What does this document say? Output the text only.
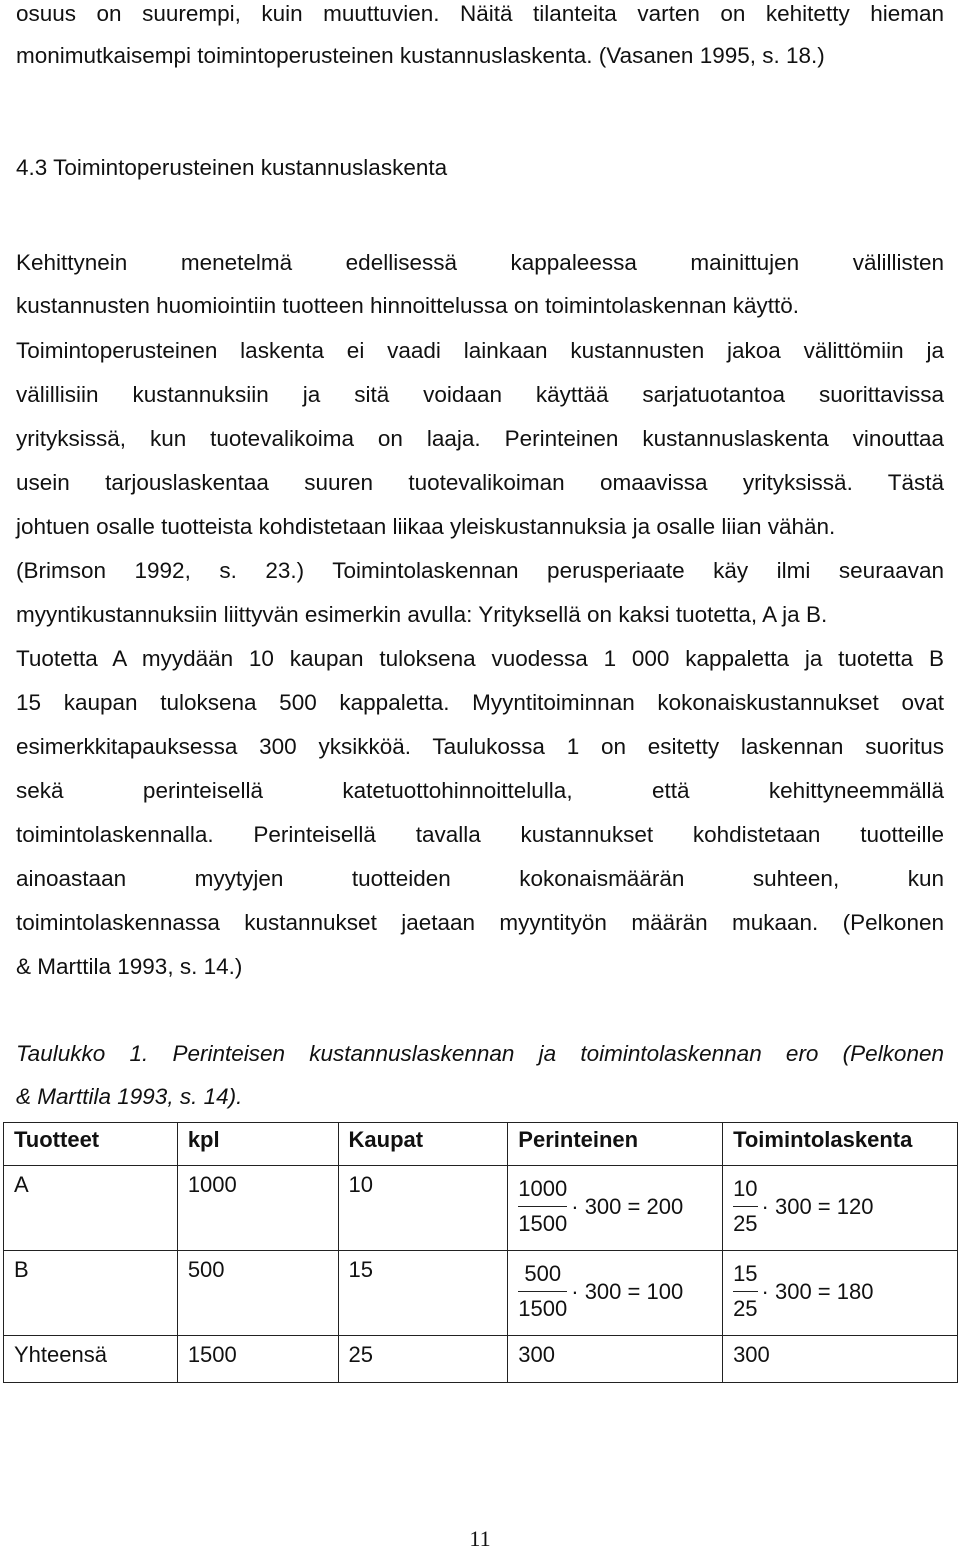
osuus on suurempi, kuin muuttuvien. Näitä tilanteita varten on kehitetty hieman
monimutkaisempi toimintoperusteinen kustannuslaskenta. (Vasanen 1995, s. 18.)
4.3 Toimintoperusteinen kustannuslaskenta
Kehittynein menetelmä edellisessä kappaleessa mainittujen välillisten
kustannusten huomiointiin tuotteen hinnoittelussa on toimintolaskennan käyttö.
Toimintoperusteinen laskenta ei vaadi lainkaan kustannusten jakoa välittömiin ja
välillisiin kustannuksiin ja sitä voidaan käyttää sarjatuotantoa suorittavissa
yrityksissä, kun tuotevalikoima on laaja. Perinteinen kustannuslaskenta vinouttaa
usein tarjouslaskentaa suuren tuotevalikoiman omaavissa yrityksissä. Tästä
johtuen osalle tuotteista kohdistetaan liikaa yleiskustannuksia ja osalle liian vähän.
(Brimson 1992, s. 23.) Toimintolaskennan perusperiaate käy ilmi seuraavan
myyntikustannuksiin liittyvän esimerkin avulla: Yrityksellä on kaksi tuotetta, A ja B.
Tuotetta A myydään 10 kaupan tuloksena vuodessa 1 000 kappaletta ja tuotetta B
15 kaupan tuloksena 500 kappaletta. Myyntitoiminnan kokonaiskustannukset ovat
esimerkkitapauksessa 300 yksikköä. Taulukossa 1 on esitetty laskennan suoritus
sekä perinteisellä katetuottohinnoittelulla, että kehittyneemmällä
toimintolaskennalla. Perinteisellä tavalla kustannukset kohdistetaan tuotteille
ainoastaan myytyjen tuotteiden kokonaismäärän suhteen, kun
toimintolaskennassa kustannukset jaetaan myyntityön määrän mukaan. (Pelkonen
& Marttila 1993, s. 14.)
Taulukko 1. Perinteisen kustannuslaskennan ja toimintolaskennan ero (Pelkonen
& Marttila 1993, s. 14).
Tuotteet	kpl	Kaupat	Perinteinen	Toimintolaskenta
A	1000	10	$\frac{1000}{1500} \cdot 300 = 200$	$\frac{10}{25} \cdot 300 = 120$
B	500	15	$\frac{500}{1500} \cdot 300 = 100$	$\frac{15}{25} \cdot 300 = 180$
Yhteensä	1500	25	300	300
11
